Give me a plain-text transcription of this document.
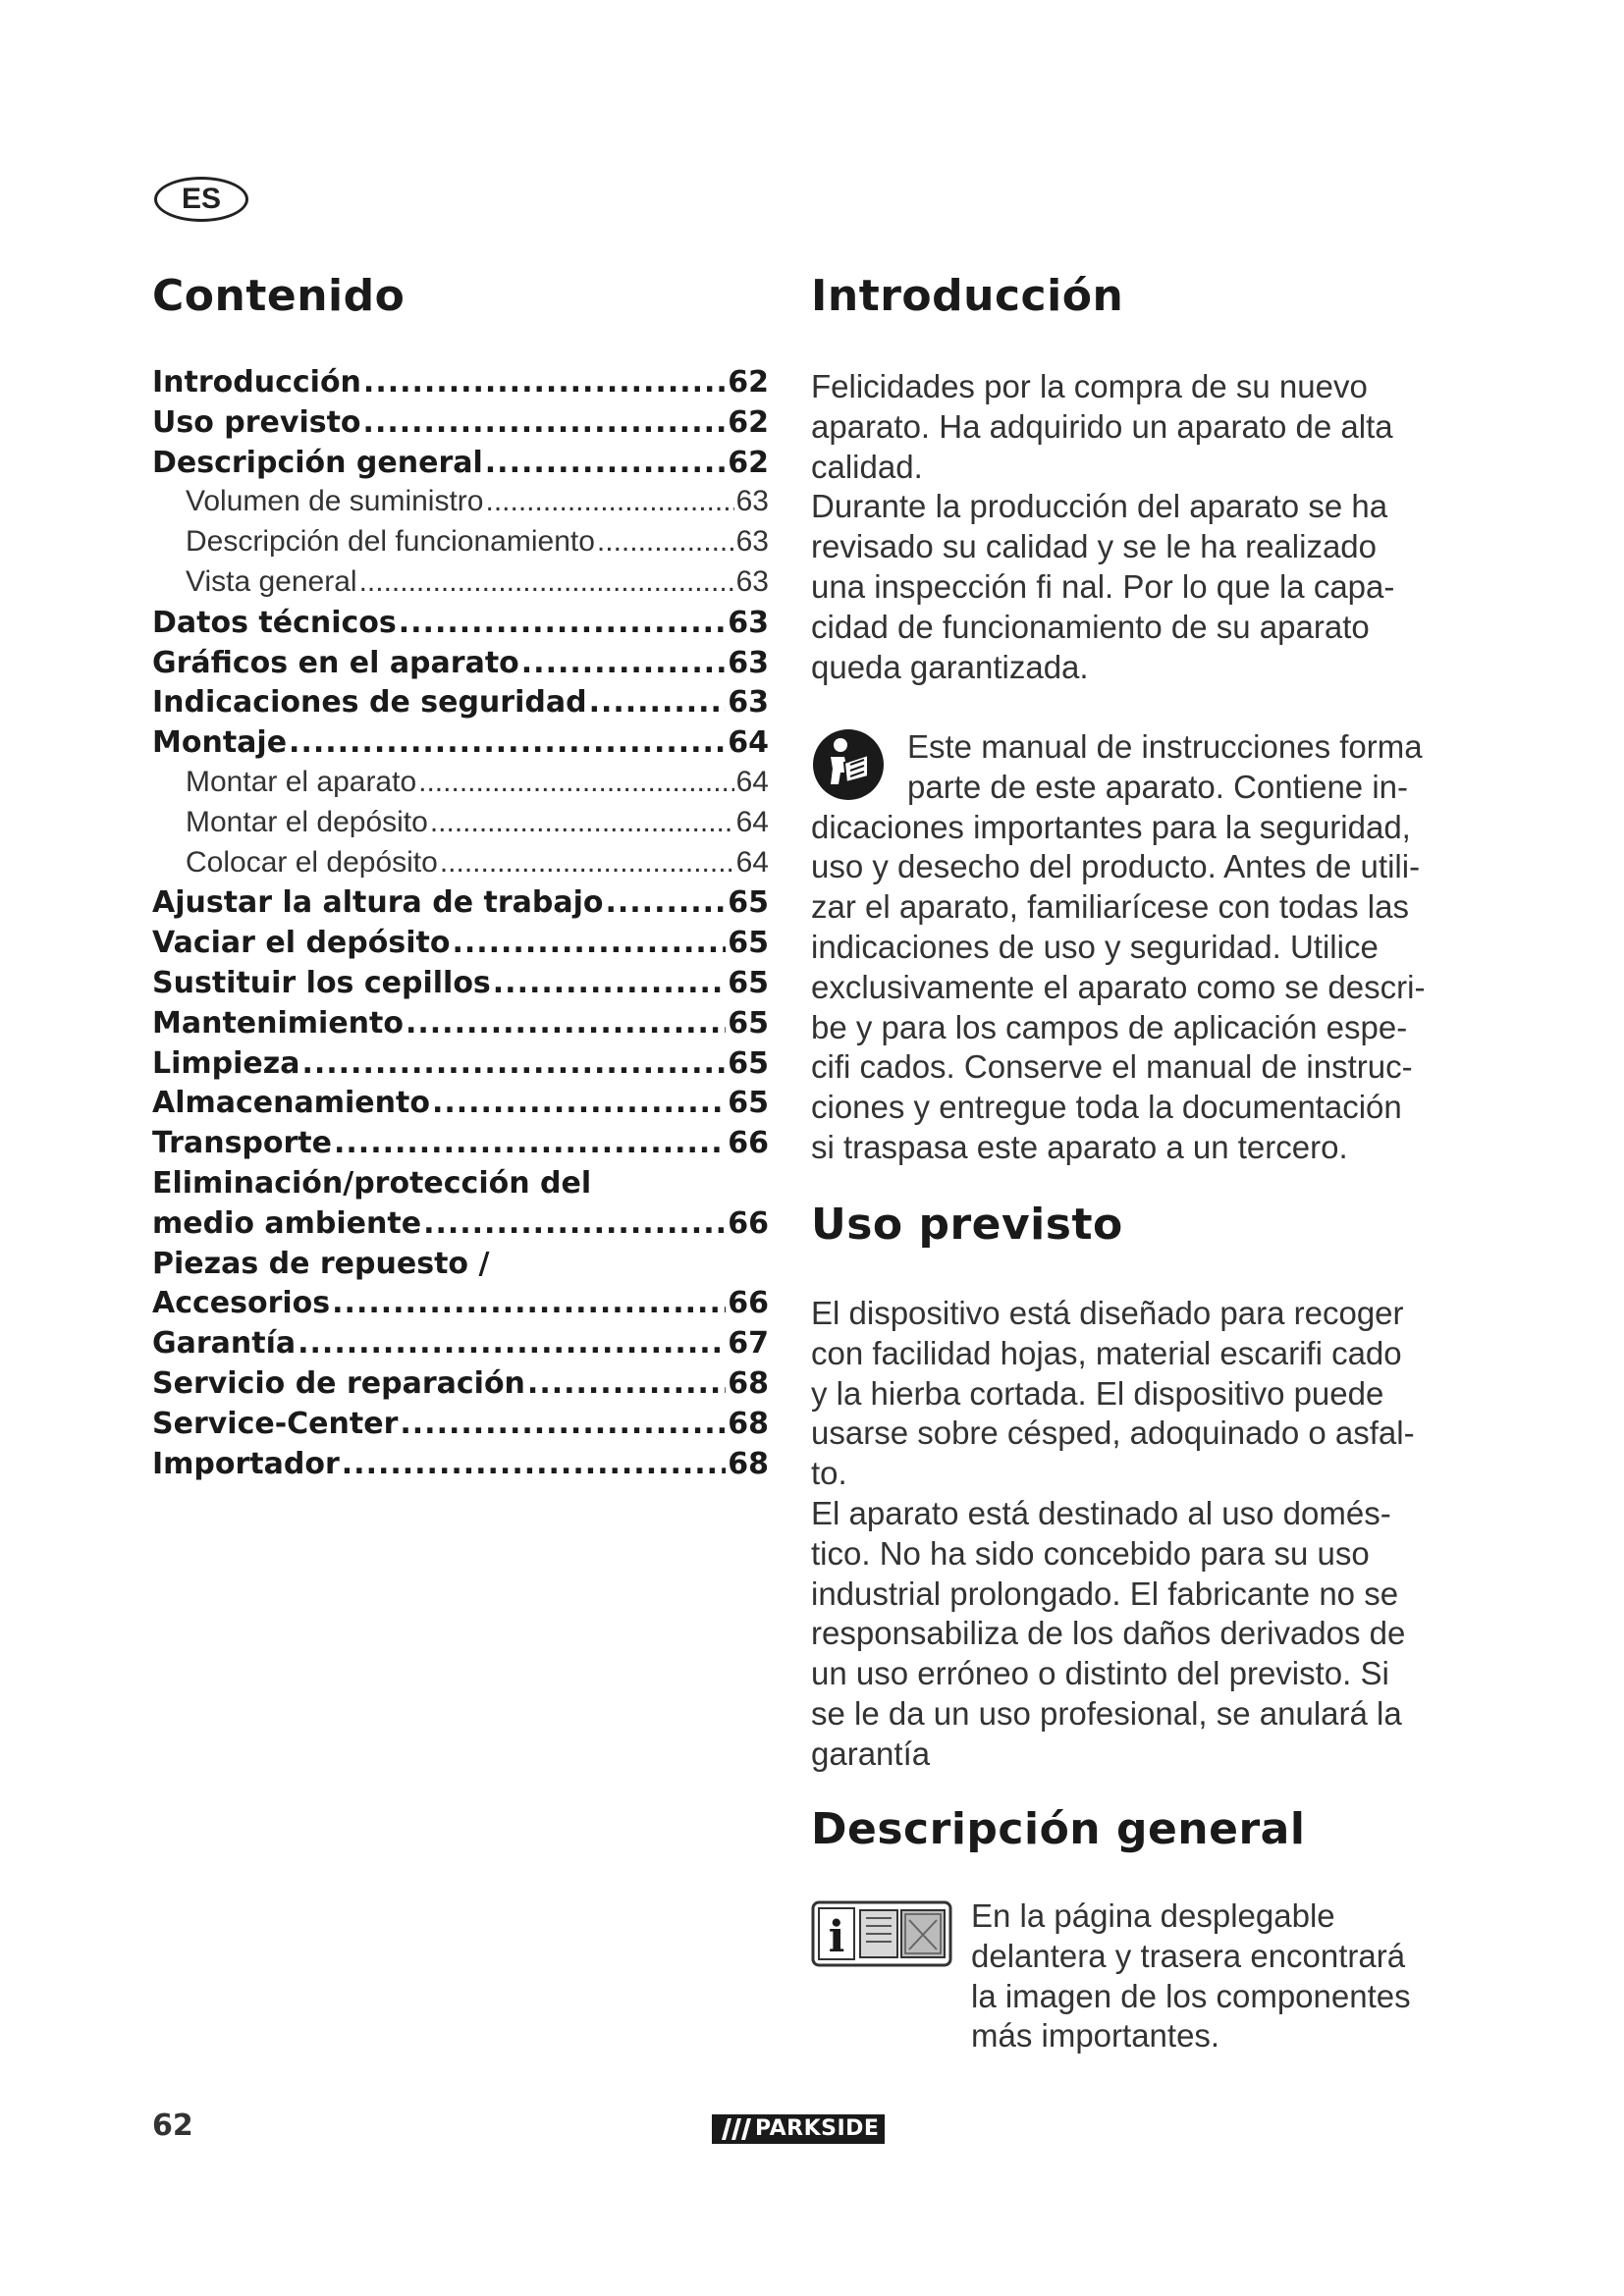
ES
Contenido
Introducción .....	62
Uso previsto .....	62
Descripción general .....	62
Volumen de suministro .....	63
Descripción del funcionamiento .....	63
Vista general .....	63
Datos técnicos .....	63
Gráficos en el aparato .....	63
Indicaciones de seguridad .....	63
Montaje .....	64
Montar el aparato .....	64
Montar el depósito .....	64
Colocar el depósito .....	64
Ajustar la altura de trabajo .....	65
Vaciar el depósito .....	65
Sustituir los cepillos .....	65
Mantenimiento .....	65
Limpieza .....	65
Almacenamiento .....	65
Transporte .....	66
Eliminación/protección del
medio ambiente .....	66
Piezas de repuesto /
Accesorios .....	66
Garantía .....	67
Servicio de reparación .....	68
Service-Center .....	68
Importador .....	68
Introducción
Felicidades por la compra de su nuevo
aparato. Ha adquirido un aparato de alta
calidad.
Durante la producción del aparato se ha
revisado su calidad y se le ha realizado
una inspección fi nal. Por lo que la capa-
cidad de funcionamiento de su aparato
queda garantizada.
Este manual de instrucciones forma
parte de este aparato. Contiene in-
dicaciones importantes para la seguridad,
uso y desecho del producto. Antes de utili-
zar el aparato, familiarícese con todas las
indicaciones de uso y seguridad. Utilice
exclusivamente el aparato como se descri-
be y para los campos de aplicación espe-
cifi cados. Conserve el manual de instruc-
ciones y entregue toda la documentación
si traspasa este aparato a un tercero.
Uso previsto
El dispositivo está diseñado para recoger
con facilidad hojas, material escarifi cado
y la hierba cortada. El dispositivo puede
usarse sobre césped, adoquinado o asfal-
to.
El aparato está destinado al uso domés-
tico. No ha sido concebido para su uso
industrial prolongado. El fabricante no se
responsabiliza de los daños derivados de
un uso erróneo o distinto del previsto. Si
se le da un uso profesional, se anulará la
garantía
Descripción general
i	En la página desplegable
delantera y trasera encontrará
la imagen de los componentes
más importantes.
62	PARKSIDE
